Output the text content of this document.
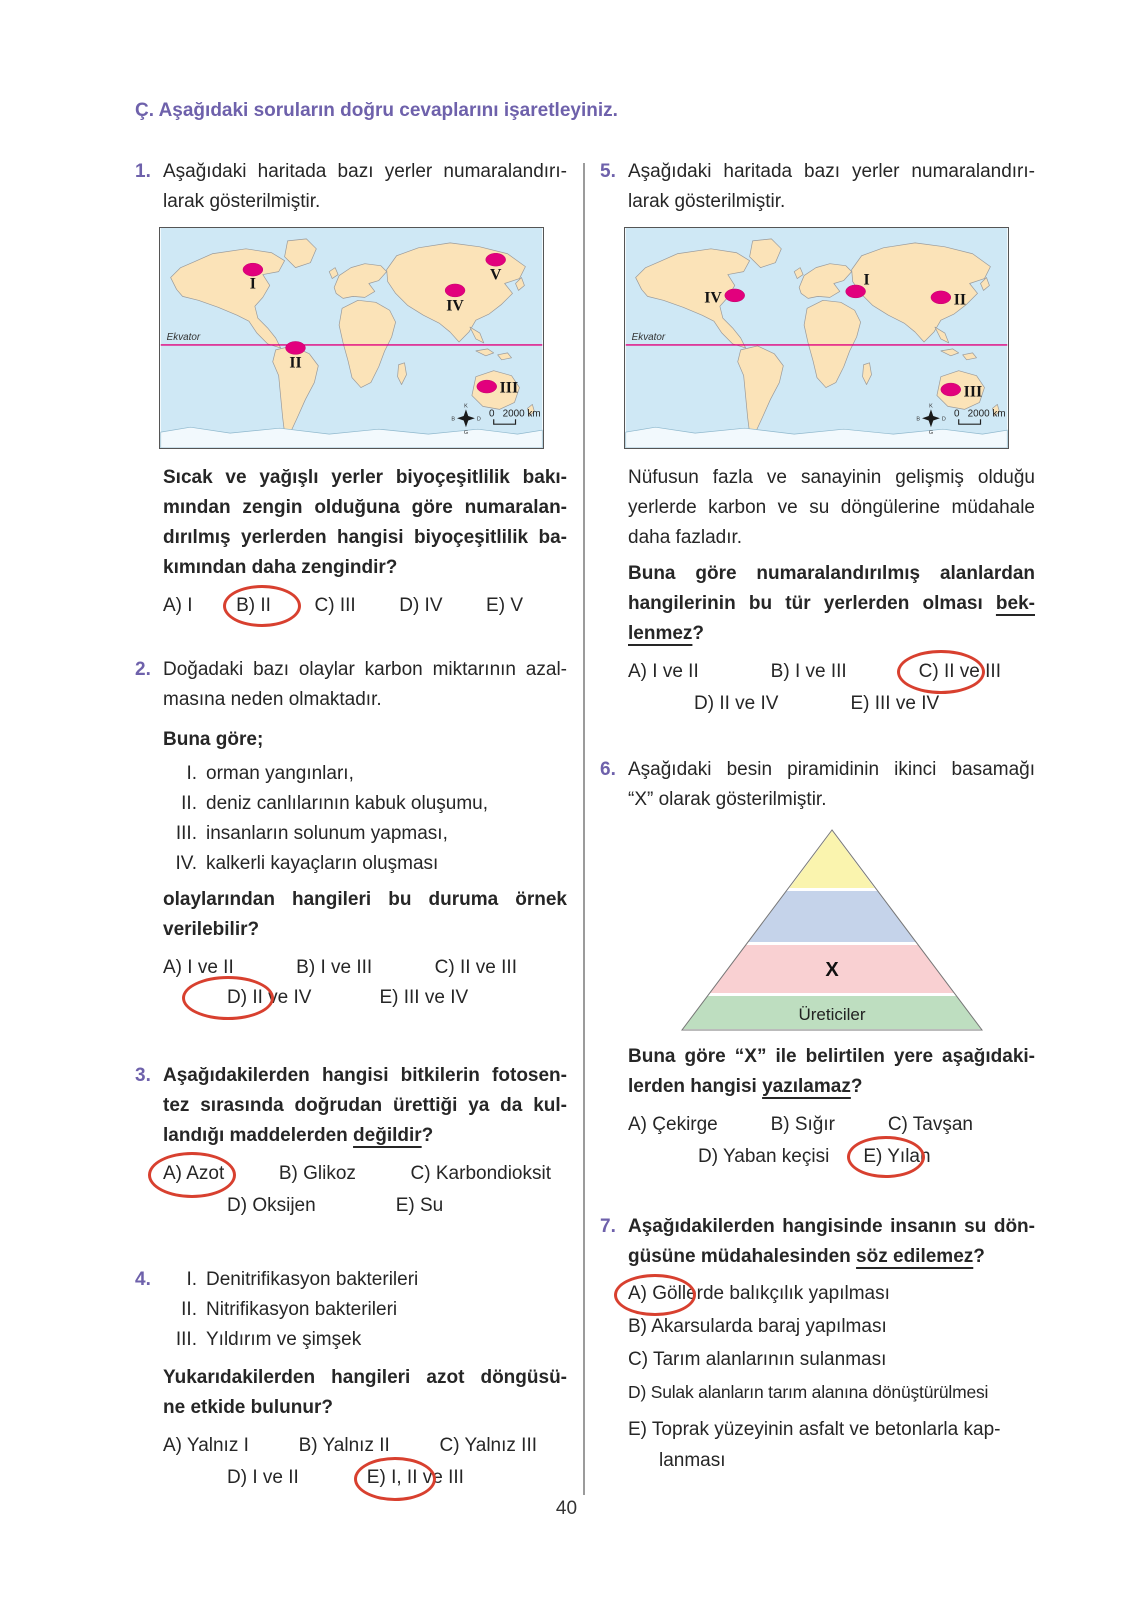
Ç. Aşağıdaki soruların doğru cevaplarını işaretleyiniz.
1. Aşağıdaki haritada bazı yerler numaralandırı-
larak gösterilmiştir.
I
II
III
IV
V
Sıcak ve yağışlı yerler biyoçeşitlilik bakı-
mından zengin olduğuna göre numaralan-
dırılmış yerlerden hangisi biyoçeşitlilik ba-
kımından daha zengindir?
A) I B) II C) III D) IV E) V
2. Doğadaki bazı olaylar karbon miktarının azal-
masına neden olmaktadır.
Buna göre;
I. orman yangınları,
II. deniz canlılarının kabuk oluşumu,
III. insanların solunum yapması,
IV. kalkerli kayaçların oluşması
olaylarından hangileri bu duruma örnek
verilebilir?
A) I ve II	B) I ve III	C) II ve III
D) II ve IV	E) III ve IV
3. Aşağıdakilerden hangisi bitkilerin fotosen-
tez sırasında doğrudan ürettiği ya da kul-
landığı maddelerden değildir?
A) Azot	B) Glikoz	C) Karbondioksit
D) Oksijen	E) Su
4.	I. Denitrifikasyon bakterileri
II. Nitrifikasyon bakterileri
III. Yıldırım ve şimşek
Yukarıdakilerden hangileri azot döngüsü-
ne etkide bulunur?
A) Yalnız I	B) Yalnız II	C) Yalnız III
D) I ve II	E) I, II ve III
5. Aşağıdaki haritada bazı yerler numaralandırı-
larak gösterilmiştir.
IV
I
II
III
Nüfusun fazla ve sanayinin gelişmiş olduğu
yerlerde karbon ve su döngülerine müdahale
daha fazladır.
Buna göre numaralandırılmış alanlardan
hangilerinin bu tür yerlerden olması bek-
lenmez?
A) I ve II	B) I ve III	C) II ve III
D) II ve IV	E) III ve IV
6. Aşağıdaki besin piramidinin ikinci basamağı
“X” olarak gösterilmiştir.
X
Üreticiler
Buna göre “X” ile belirtilen yere aşağıdaki-
lerden hangisi yazılamaz?
A) Çekirge	B) Sığır	C) Tavşan
D) Yaban keçisi E) Yılan
7. Aşağıdakilerden hangisinde insanın su dön-
güsüne müdahalesinden söz edilemez?
A) Göllerde balıkçılık yapılması
B) Akarsularda baraj yapılması
C) Tarım alanlarının sulanması
D) Sulak alanların tarım alanına dönüştürülmesi
E) Toprak yüzeyinin asfalt ve betonlarla kap-
lanması
40
